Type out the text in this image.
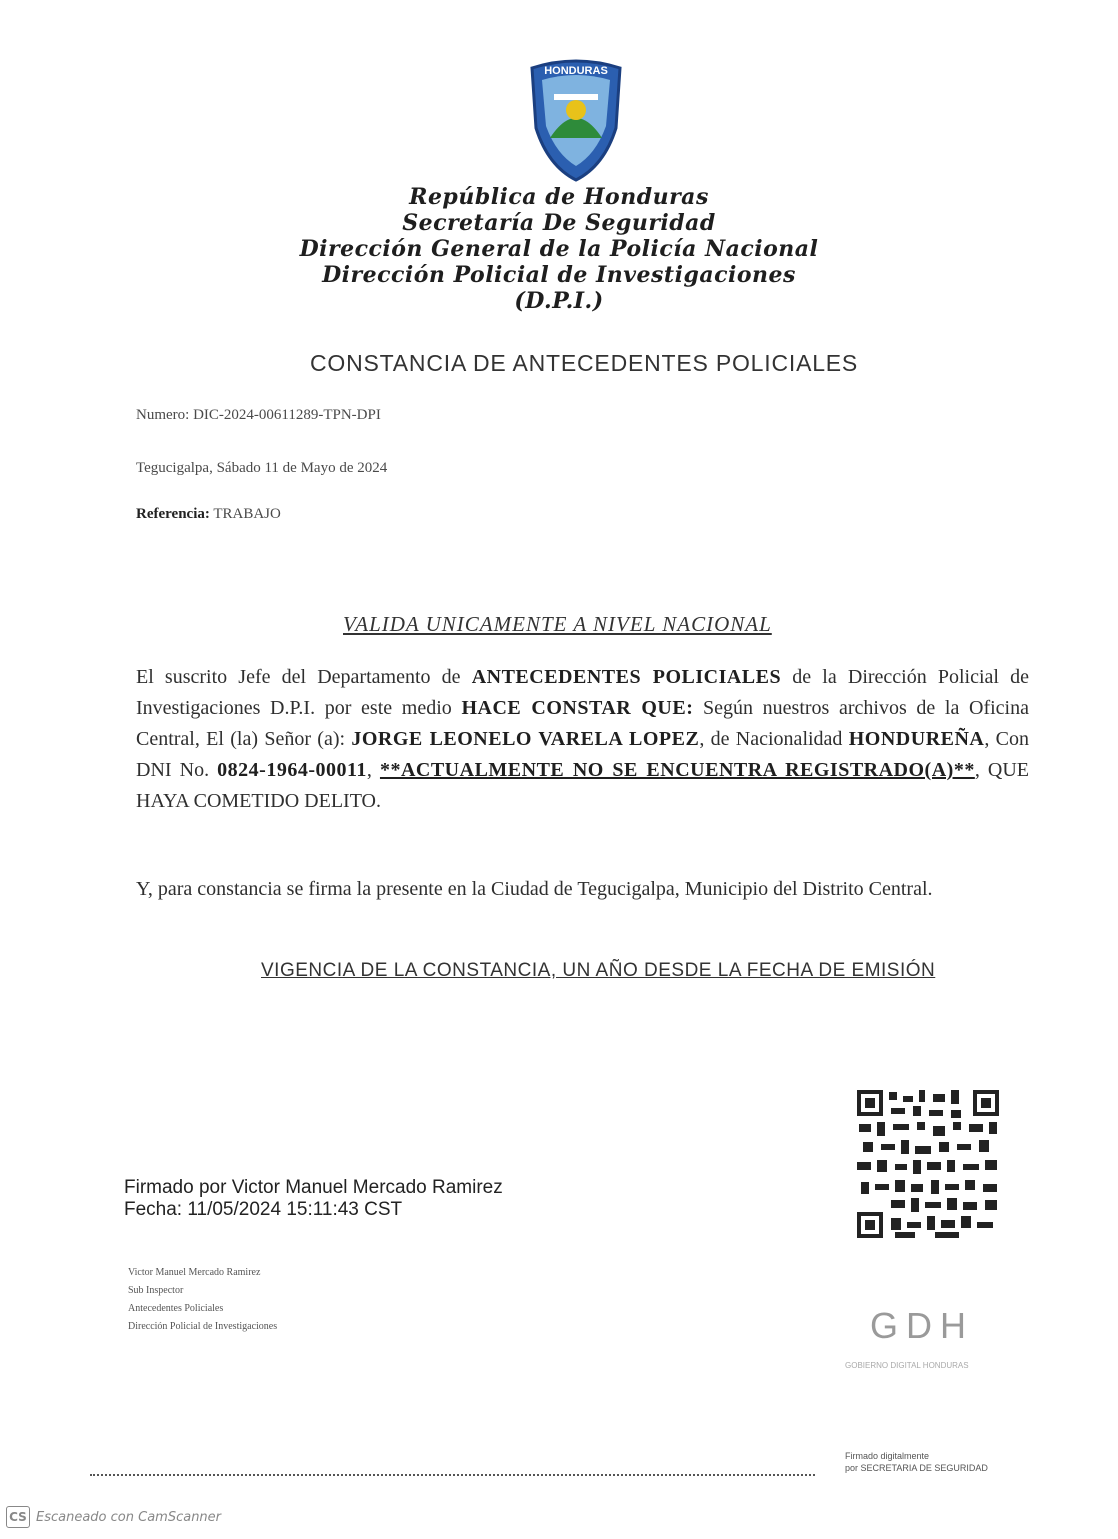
HONDURAS
República de Honduras
Secretaría De Seguridad
Dirección General de la Policía Nacional
Dirección Policial de Investigaciones
(D.P.I.)
CONSTANCIA DE ANTECEDENTES POLICIALES
Numero: DIC-2024-00611289-TPN-DPI
Tegucigalpa, Sábado 11 de Mayo de 2024
Referencia: TRABAJO
VALIDA UNICAMENTE A NIVEL NACIONAL
El suscrito Jefe del Departamento de ANTECEDENTES POLICIALES de la Dirección Policial de Investigaciones D.P.I. por este medio HACE CONSTAR QUE: Según nuestros archivos de la Oficina Central, El (la) Señor (a): JORGE LEONELO VARELA LOPEZ, de Nacionalidad HONDUREÑA, Con DNI No. 0824-1964-00011, **ACTUALMENTE NO SE ENCUENTRA REGISTRADO(A)**, QUE HAYA COMETIDO DELITO.
Y, para constancia se firma la presente en la Ciudad de Tegucigalpa, Municipio del Distrito Central.
VIGENCIA DE LA CONSTANCIA, UN AÑO DESDE LA FECHA DE EMISIÓN
Firmado por Victor Manuel Mercado Ramirez
Fecha: 11/05/2024 15:11:43 CST
Victor Manuel Mercado Ramirez
Sub Inspector
Antecedentes Policiales
Dirección Policial de Investigaciones	GDH
GOBIERNO DIGITAL HONDURAS
Firmado digitalmente
por SECRETARIA DE SEGURIDAD
CS Escaneado con CamScanner
